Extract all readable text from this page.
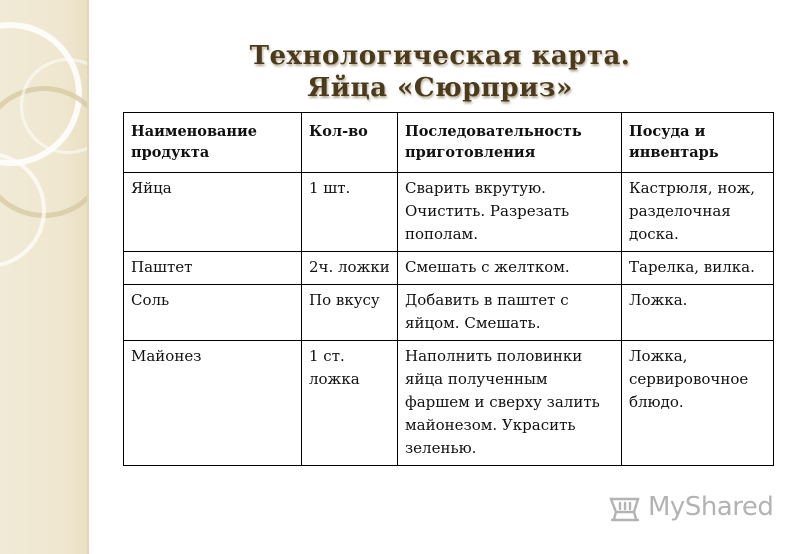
Технологическая карта.
Яйца «Сюрприз»
Наименование продукта	Кол-во	Последовательность приготовления	Посуда и инвентарь
Яйца	1 шт.	Сварить вкрутую. Очистить. Разрезать пополам.	Кастрюля, нож, разделочная доска.
Паштет	2ч. ложки	Смешать с желтком.	Тарелка, вилка.
Соль	По вкусу	Добавить в паштет с яйцом. Смешать.	Ложка.
Майонез	1 ст. ложка	Наполнить половинки яйца полученным фаршем и сверху залить майонезом. Украсить зеленью.	Ложка, сервировочное блюдо.
MyShared
